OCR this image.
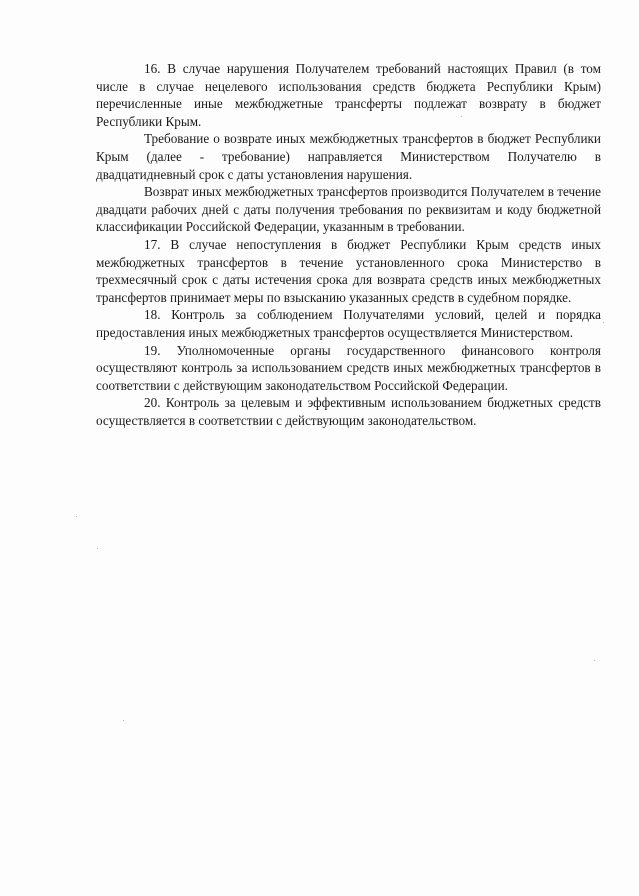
16. В случае нарушения Получателем требований настоящих Правил (в том числе в случае нецелевого использования средств бюджета Республики Крым) перечисленные иные межбюджетные трансферты подлежат возврату в бюджет Республики Крым.

Требование о возврате иных межбюджетных трансфертов в бюджет Республики Крым (далее - требование) направляется Министерством Получателю в двадцатидневный срок с даты установления нарушения.

Возврат иных межбюджетных трансфертов производится Получателем в течение двадцати рабочих дней с даты получения требования по реквизитам и коду бюджетной классификации Российской Федерации, указанным в требовании.

17. В случае непоступления в бюджет Республики Крым средств иных межбюджетных трансфертов в течение установленного срока Министерство в трехмесячный срок с даты истечения срока для возврата средств иных межбюджетных трансфертов принимает меры по взысканию указанных средств в судебном порядке.

18. Контроль за соблюдением Получателями условий, целей и порядка предоставления иных межбюджетных трансфертов осуществляется Министерством.

19. Уполномоченные органы государственного финансового контроля осуществляют контроль за использованием средств иных межбюджетных трансфертов в соответствии с действующим законодательством Российской Федерации.

20. Контроль за целевым и эффективным использованием бюджетных средств осуществляется в соответствии с действующим законодательством.
